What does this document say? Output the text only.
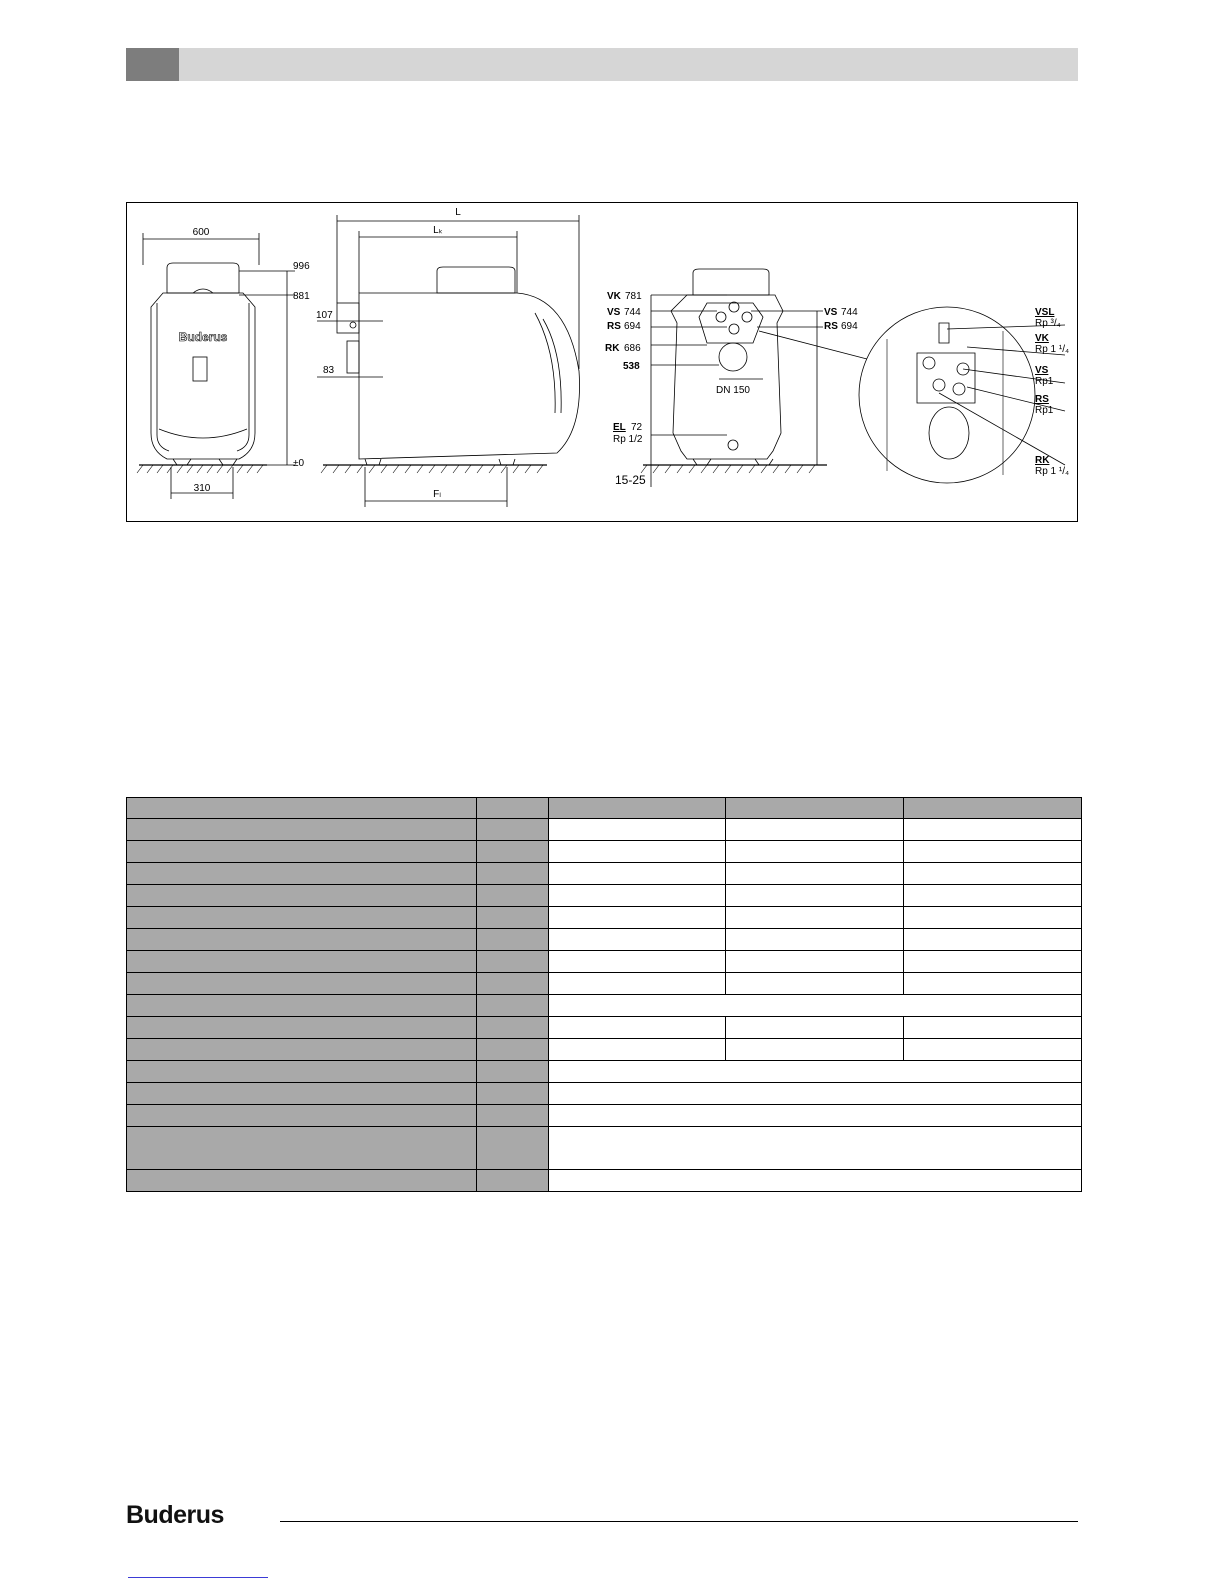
600
996
881
±0
310
Buderus
L
Lₖ
107
83
Fₗ
VK 781
VS 744
RS 694
RK 686
538
EL 72
Rp 1/2
15-25
DN 150
VS 744
RS 694
VSL
Rp ³/₄
VK
Rp 1 ¹/₄
VS
Rp1
RS
Rp1
RK
Rp 1 ¹/₄

Buderus
